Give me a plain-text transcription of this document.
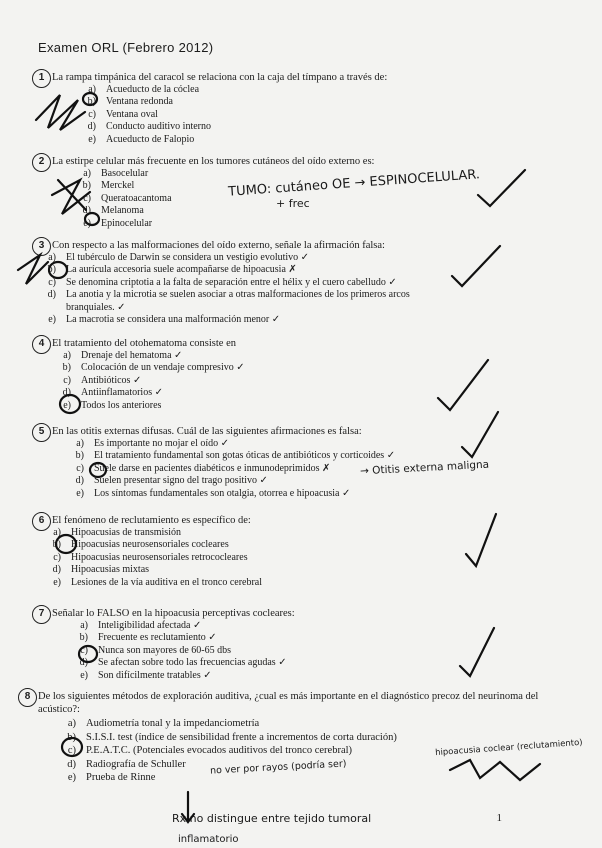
Examen ORL (Febrero 2012)
1 La rampa timpánica del caracol se relaciona con la caja del tímpano a través de:
a) Acueducto de la cóclea
b) Ventana redonda
c) Ventana oval
d) Conducto auditivo interno
e) Acueducto de Falopio
2 La estirpe celular más frecuente en los tumores cutáneos del oído externo es:
a) Basocelular
b) Merckel
c) Queratoacantoma
d) Melanoma
e) Epinocelular
3 Con respecto a las malformaciones del oído externo, señale la afirmación falsa:
a) El tubérculo de Darwin se considera un vestigio evolutivo ✓
b) La aurícula accesoria suele acompañarse de hipoacusia ✗
c) Se denomina criptotia a la falta de separación entre el hélix y el cuero cabelludo ✓
d) La anotia y la microtia se suelen asociar a otras malformaciones de los primeros arcos
branquiales. ✓
e) La macrotia se considera una malformación menor ✓
4 El tratamiento del otohematoma consiste en
a) Drenaje del hematoma ✓
b) Colocación de un vendaje compresivo ✓
c) Antibióticos ✓
d) Antiinflamatorios ✓
e) Todos los anteriores
5 En las otitis externas difusas. Cuál de las siguientes afirmaciones es falsa:
a) Es importante no mojar el oído ✓
b) El tratamiento fundamental son gotas óticas de antibióticos y corticoides ✓
c) Suele darse en pacientes diabéticos e inmunodeprimidos ✗
d) Suelen presentar signo del trago positivo ✓
e) Los síntomas fundamentales son otalgia, otorrea e hipoacusia ✓
6 El fenómeno de reclutamiento es específico de:
a) Hipoacusias de transmisión
b) Hipoacusias neurosensoriales cocleares
c) Hipoacusias neurosensoriales retrococleares
d) Hipoacusias mixtas
e) Lesiones de la vía auditiva en el tronco cerebral
7 Señalar lo FALSO en la hipoacusia perceptivas cocleares:
a) Inteligibilidad afectada ✓
b) Frecuente es reclutamiento ✓
c) Nunca son mayores de 60-65 dbs
d) Se afectan sobre todo las frecuencias agudas ✓
e) Son difícilmente tratables ✓
8 De los siguientes métodos de exploración auditiva, ¿cual es más importante en el diagnóstico precoz del neurinoma del acústico?:
a) Audiometría tonal y la impedanciometría
b) S.I.S.I. test (índice de sensibilidad frente a incrementos de corta duración)
c) P.E.A.T.C. (Potenciales evocados auditivos del tronco cerebral)
d) Radiografía de Schuller
e) Prueba de Rinne
TUMO: cutáneo OE → ESPINOCELULAR.
+ frec
→ Otitis externa maligna
hipoacusia coclear (reclutamiento)
no ver por rayos (podría ser)
Rx no distingue entre tejido tumoral
inflamatorio
1
